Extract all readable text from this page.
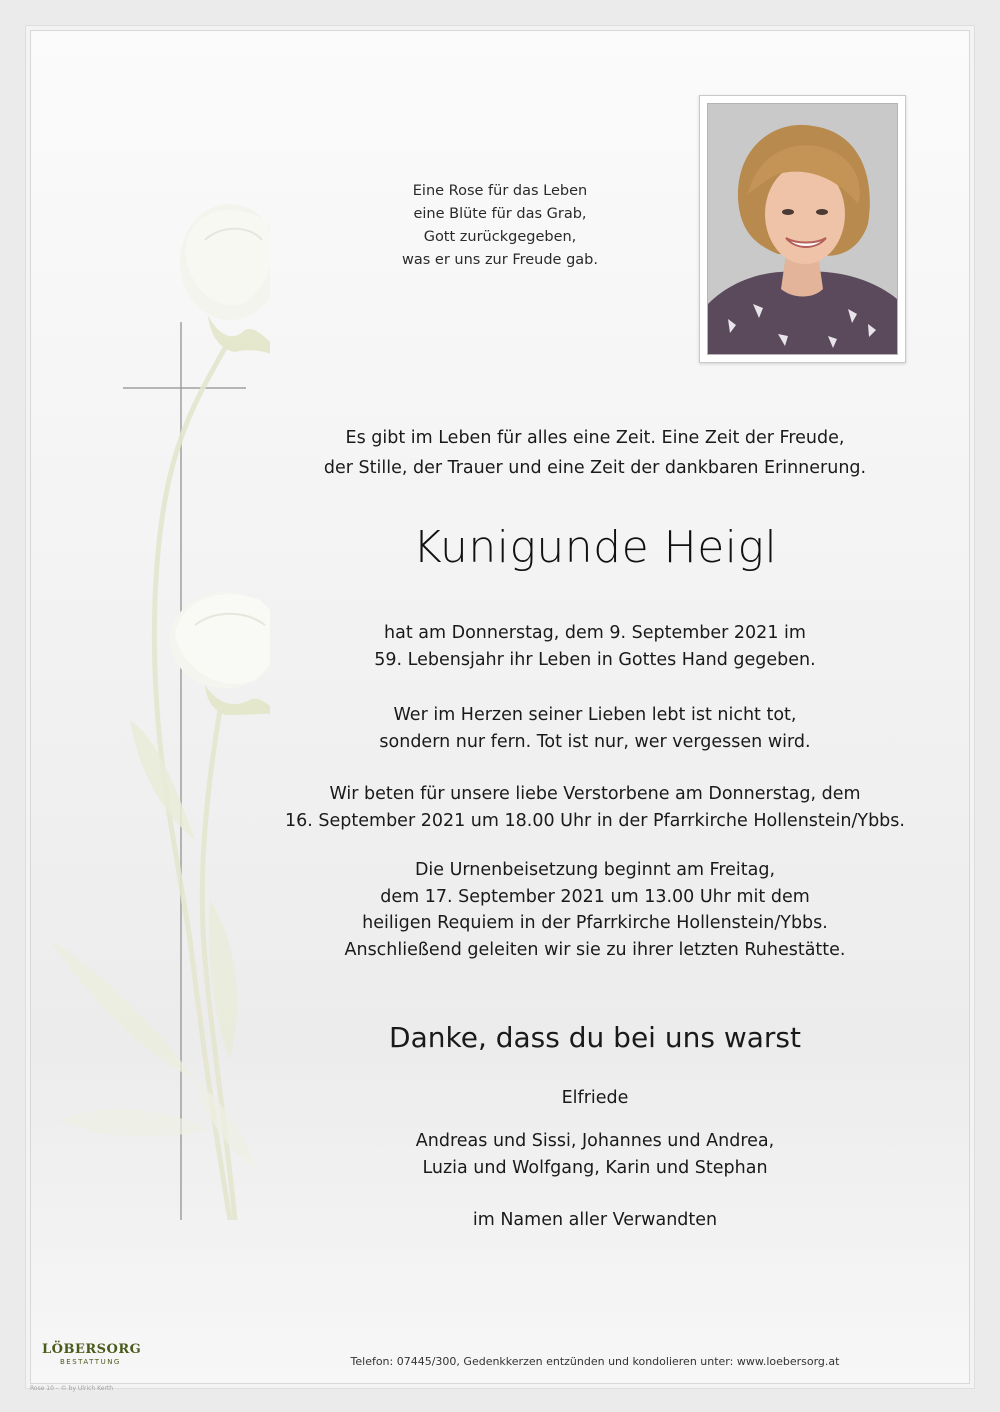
Eine Rose für das Leben
eine Blüte für das Grab,
Gott zurückgegeben,
was er uns zur Freude gab.
Es gibt im Leben für alles eine Zeit. Eine Zeit der Freude,
der Stille, der Trauer und eine Zeit der dankbaren Erinnerung.
Kunigunde Heigl
hat am Donnerstag, dem 9. September 2021 im
59. Lebensjahr ihr Leben in Gottes Hand gegeben.
Wer im Herzen seiner Lieben lebt ist nicht tot,
sondern nur fern. Tot ist nur, wer vergessen wird.
Wir beten für unsere liebe Verstorbene am Donnerstag, dem
16. September 2021 um 18.00 Uhr in der Pfarrkirche Hollenstein/Ybbs.
Die Urnenbeisetzung beginnt am Freitag,
dem 17. September 2021 um 13.00 Uhr mit dem
heiligen Requiem in der Pfarrkirche Hollenstein/Ybbs.
Anschließend geleiten wir sie zu ihrer letzten Ruhestätte.
Danke, dass du bei uns warst
Elfriede
Andreas und Sissi, Johannes und Andrea,
Luzia und Wolfgang, Karin und Stephan
im Namen aller Verwandten
LÖBERSORG
BESTATTUNG	Telefon: 07445/300, Gedenkkerzen entzünden und kondolieren unter: www.loebersorg.at
Rose 10 – © by Ulrich Kerth
